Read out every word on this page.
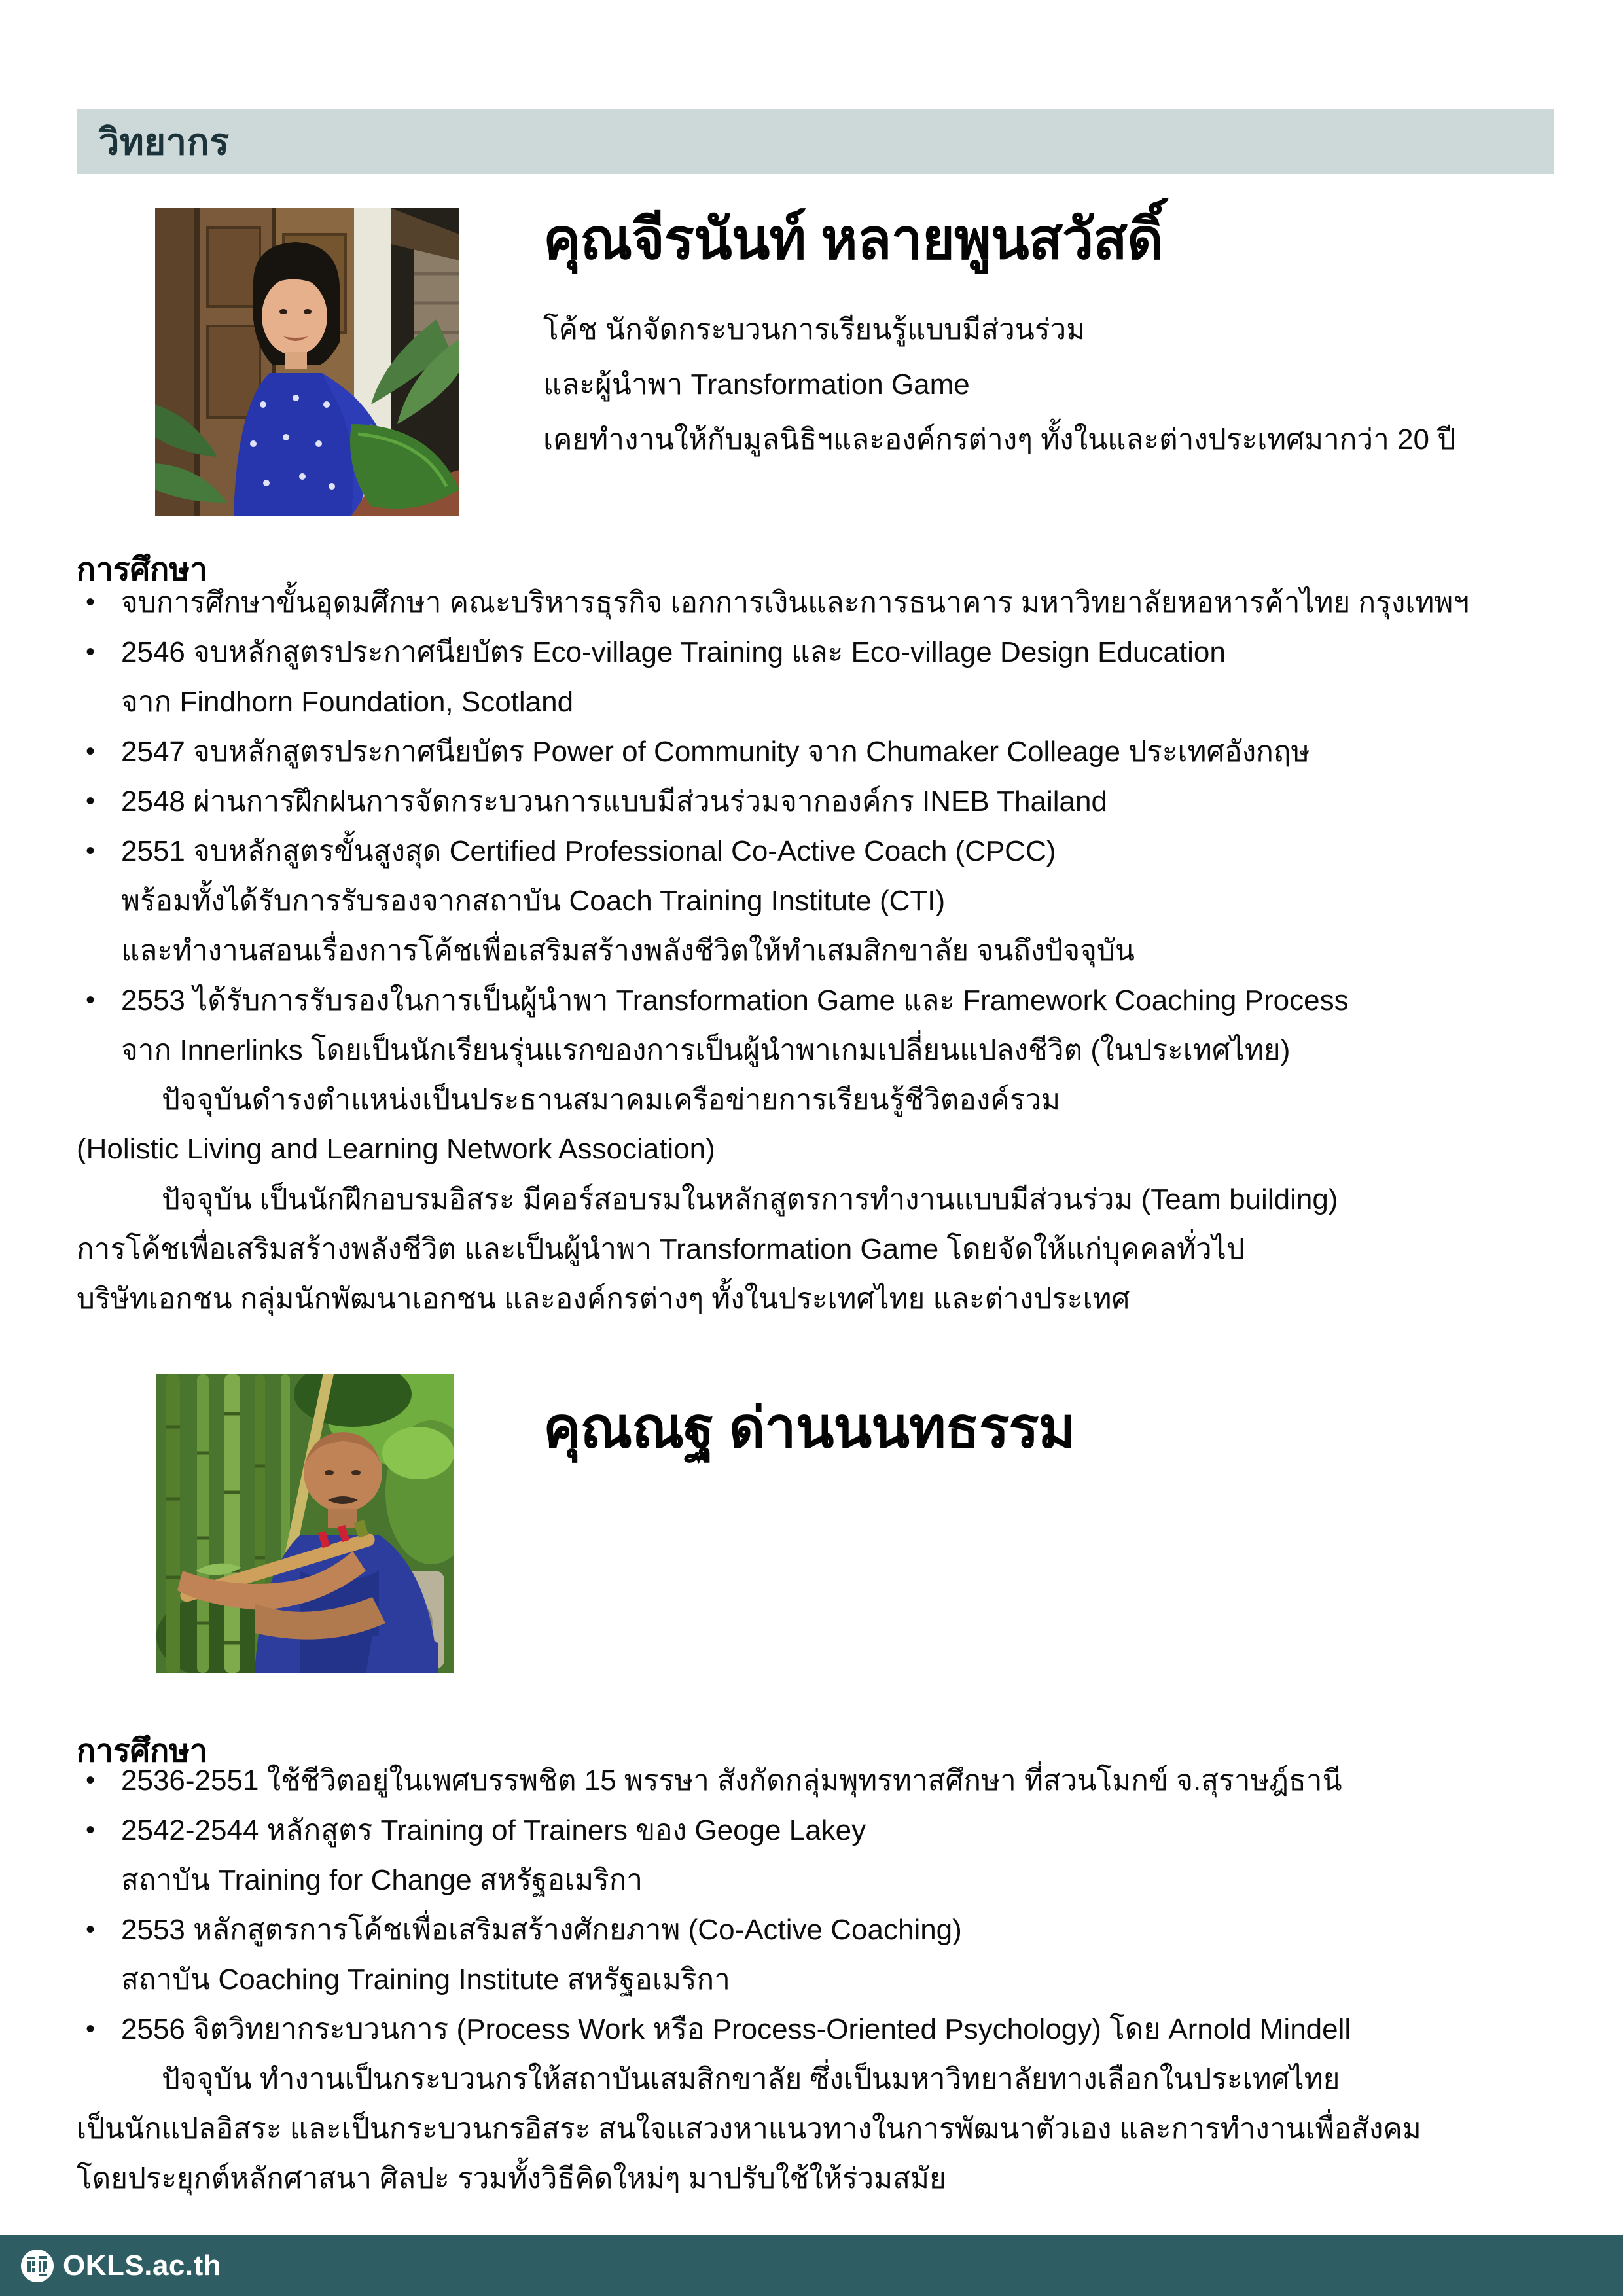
วิทยากร
คุณจีรนันท์ หลายพูนสวัสดิ์
โค้ช นักจัดกระบวนการเรียนรู้แบบมีส่วนร่วม
และผู้นำพา Transformation Game
เคยทำงานให้กับมูลนิธิฯและองค์กรต่างๆ ทั้งในและต่างประเทศมากว่า 20 ปี
การศึกษา
• จบการศึกษาขั้นอุดมศึกษา คณะบริหารธุรกิจ เอกการเงินและการธนาคาร มหาวิทยาลัยหอหารค้าไทย กรุงเทพฯ
• 2546 จบหลักสูตรประกาศนียบัตร Eco-village Training และ Eco-village Design Education
จาก Findhorn Foundation, Scotland
• 2547 จบหลักสูตรประกาศนียบัตร Power of Community จาก Chumaker Colleage ประเทศอังกฤษ
• 2548 ผ่านการฝึกฝนการจัดกระบวนการแบบมีส่วนร่วมจากองค์กร INEB Thailand
• 2551 จบหลักสูตรขั้นสูงสุด Certified Professional Co-Active Coach (CPCC)
พร้อมทั้งได้รับการรับรองจากสถาบัน Coach Training Institute (CTI)
และทำงานสอนเรื่องการโค้ชเพื่อเสริมสร้างพลังชีวิตให้ทำเสมสิกขาลัย จนถึงปัจจุบัน
• 2553 ได้รับการรับรองในการเป็นผู้นำพา Transformation Game และ Framework Coaching Process
จาก Innerlinks โดยเป็นนักเรียนรุ่นแรกของการเป็นผู้นำพาเกมเปลี่ยนแปลงชีวิต (ในประเทศไทย)
ปัจจุบันดำรงตำแหน่งเป็นประธานสมาคมเครือข่ายการเรียนรู้ชีวิตองค์รวม
(Holistic Living and Learning Network Association)
ปัจจุบัน เป็นนักฝึกอบรมอิสระ มีคอร์สอบรมในหลักสูตรการทำงานแบบมีส่วนร่วม (Team building)
การโค้ชเพื่อเสริมสร้างพลังชีวิต และเป็นผู้นำพา Transformation Game โดยจัดให้แก่บุคคลทั่วไป
บริษัทเอกชน กลุ่มนักพัฒนาเอกชน และองค์กรต่างๆ ทั้งในประเทศไทย และต่างประเทศ
คุณณฐ ด่านนนทธรรม
การศึกษา
• 2536-2551 ใช้ชีวิตอยู่ในเพศบรรพชิต 15 พรรษา สังกัดกลุ่มพุทรทาสศึกษา ที่สวนโมกข์ จ.สุราษฎ์ธานี
• 2542-2544 หลักสูตร Training of Trainers ของ Geoge Lakey
สถาบัน Training for Change สหรัฐอเมริกา
• 2553 หลักสูตรการโค้ชเพื่อเสริมสร้างศักยภาพ (Co-Active Coaching)
สถาบัน Coaching Training Institute สหรัฐอเมริกา
• 2556 จิตวิทยากระบวนการ (Process Work หรือ Process-Oriented Psychology) โดย Arnold Mindell
ปัจจุบัน ทำงานเป็นกระบวนกรให้สถาบันเสมสิกขาลัย ซึ่งเป็นมหาวิทยาลัยทางเลือกในประเทศไทย
เป็นนักแปลอิสระ และเป็นกระบวนกรอิสระ สนใจแสวงหาแนวทางในการพัฒนาตัวเอง และการทำงานเพื่อสังคม
โดยประยุกต์หลักศาสนา ศิลปะ รวมทั้งวิธีคิดใหม่ๆ มาปรับใช้ให้ร่วมสมัย
OKLS.ac.th
